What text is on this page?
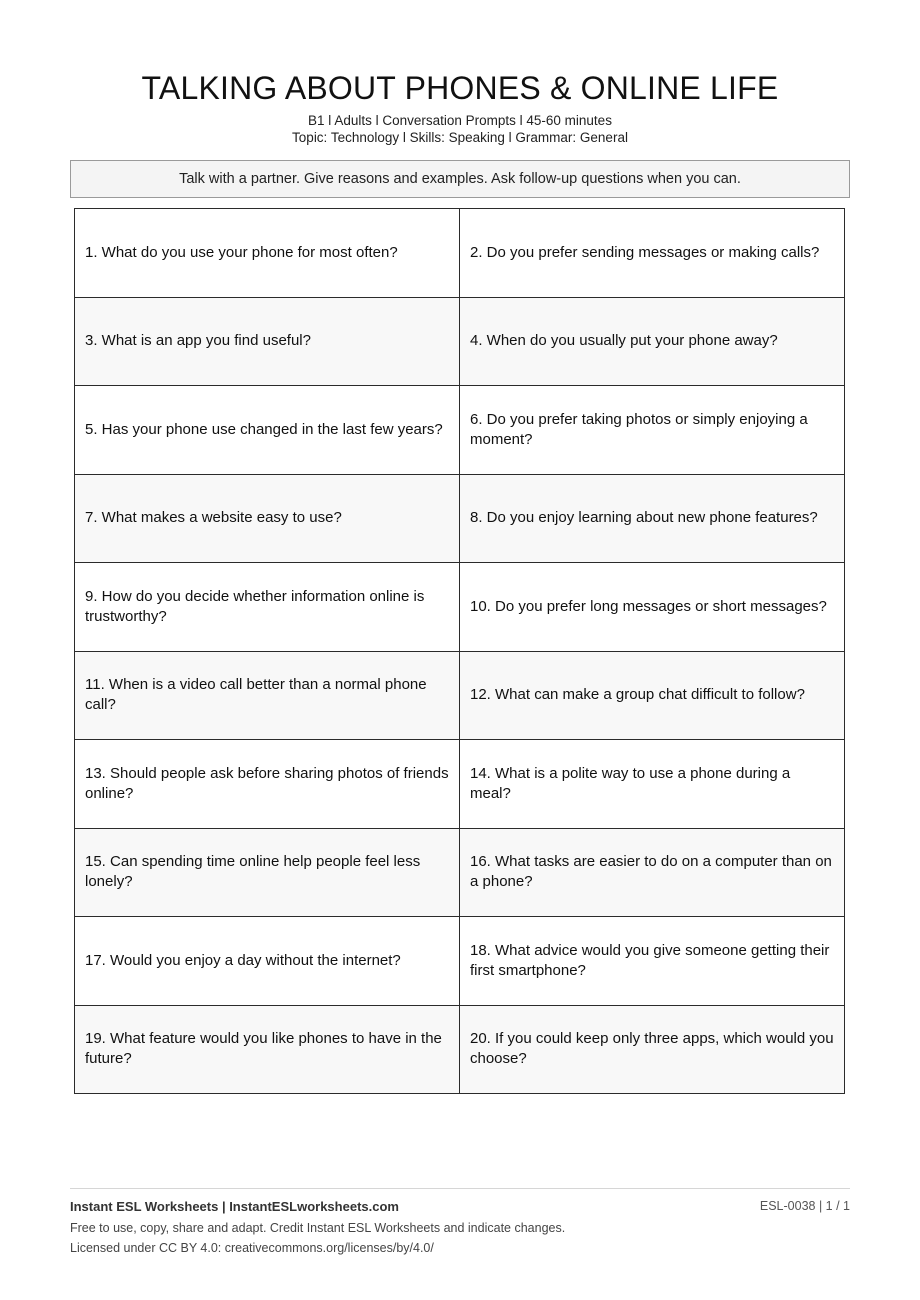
TALKING ABOUT PHONES & ONLINE LIFE
B1 l Adults l Conversation Prompts l 45-60 minutes
Topic: Technology l Skills: Speaking l Grammar: General
Talk with a partner. Give reasons and examples. Ask follow-up questions when you can.
1. What do you use your phone for most often?	2. Do you prefer sending messages or making calls?
3. What is an app you find useful?	4. When do you usually put your phone away?
5. Has your phone use changed in the last few years?	6. Do you prefer taking photos or simply enjoying a moment?
7. What makes a website easy to use?	8. Do you enjoy learning about new phone features?
9. How do you decide whether information online is trustworthy?	10. Do you prefer long messages or short messages?
11. When is a video call better than a normal phone call?	12. What can make a group chat difficult to follow?
13. Should people ask before sharing photos of friends online?	14. What is a polite way to use a phone during a meal?
15. Can spending time online help people feel less lonely?	16. What tasks are easier to do on a computer than on a phone?
17. Would you enjoy a day without the internet?	18. What advice would you give someone getting their first smartphone?
19. What feature would you like phones to have in the future?	20. If you could keep only three apps, which would you choose?
Instant ESL Worksheets | InstantESLworksheets.com	ESL-0038 | 1 / 1
Free to use, copy, share and adapt. Credit Instant ESL Worksheets and indicate changes.
Licensed under CC BY 4.0: creativecommons.org/licenses/by/4.0/
